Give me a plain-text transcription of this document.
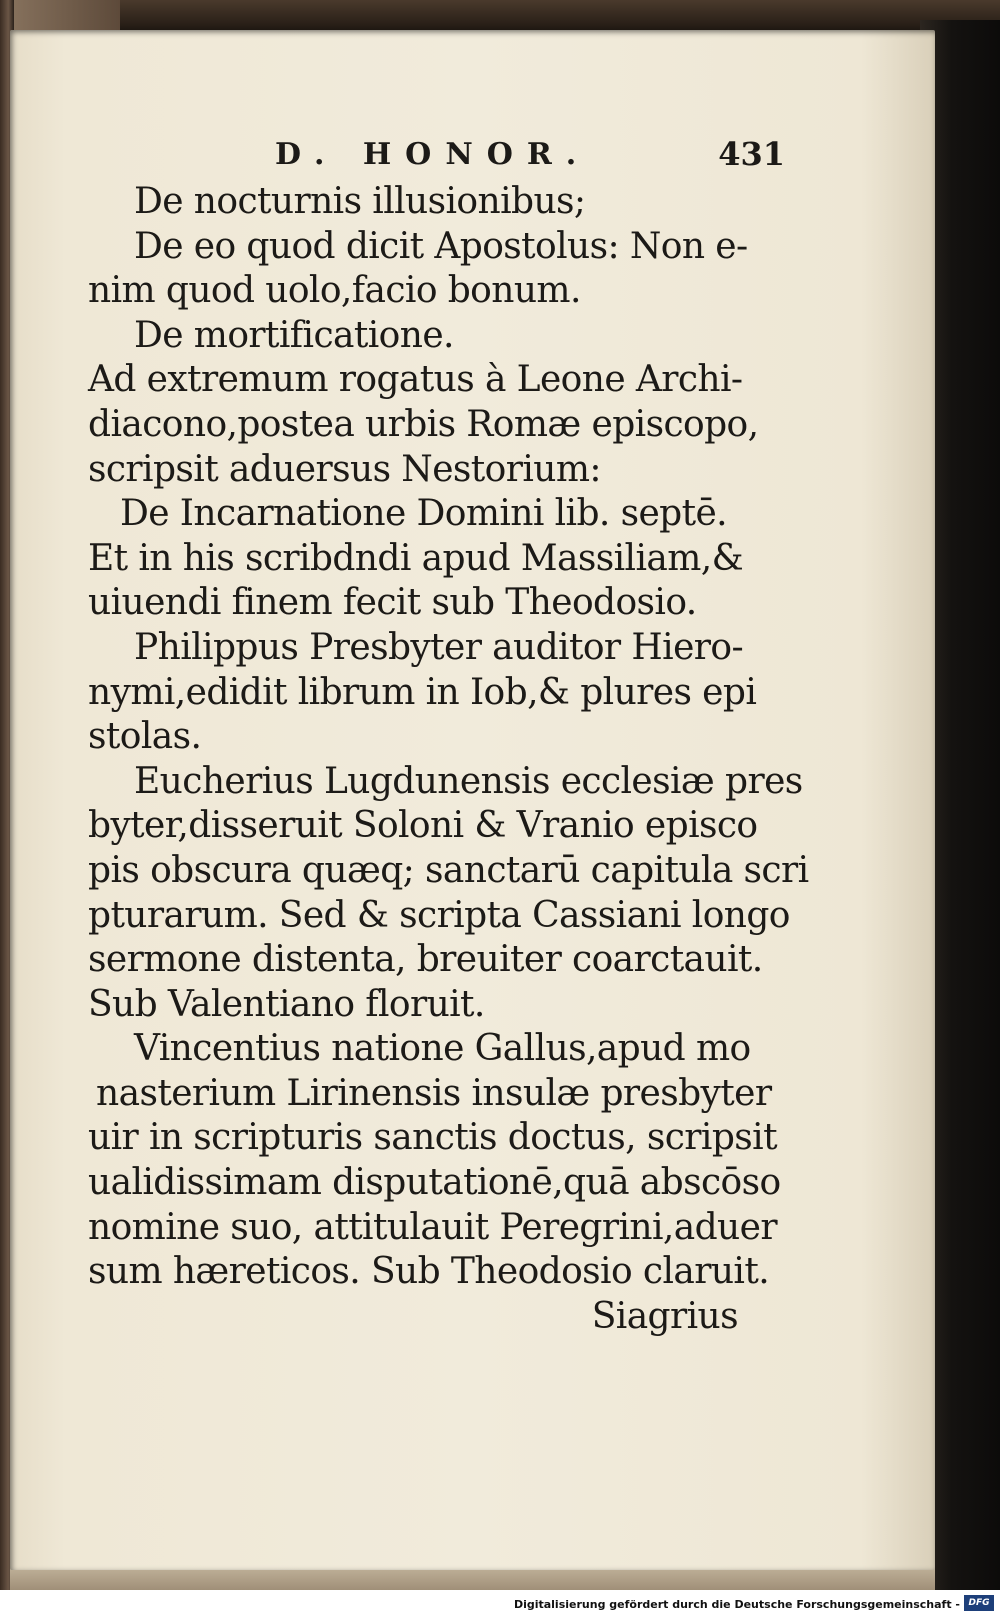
D. HONOR.	431
De nocturnis illusionibus;
De eo quod dicit Apostolus: Non e-
nim quod uolo,facio bonum.
De mortificatione.
Ad extremum rogatus à Leone Archi-
diacono,postea urbis Romæ episcopo,
scripsit aduersus Nestorium:
De Incarnatione Domini lib. septē.
Et in his scribdndi apud Massiliam,&
uiuendi finem fecit sub Theodosio.
Philippus Presbyter auditor Hiero-
nymi,edidit librum in Iob,& plures epi
stolas.
Eucherius Lugdunensis ecclesiæ pres
byter,disseruit Soloni & Vranio episco
pis obscura quæq; sanctarū capitula scri
pturarum. Sed & scripta Cassiani longo
sermone distenta, breuiter coarctauit.
Sub Valentiano floruit.
Vincentius natione Gallus,apud mo
nasterium Lirinensis insulæ presbyter
uir in scripturis sanctis doctus, scripsit
ualidissimam disputationē,quā abscōso
nomine suo, attitulauit Peregrini,aduer
sum hæreticos. Sub Theodosio claruit.
Siagrius
Digitalisierung gefördert durch die Deutsche Forschungsgemeinschaft - DFG
